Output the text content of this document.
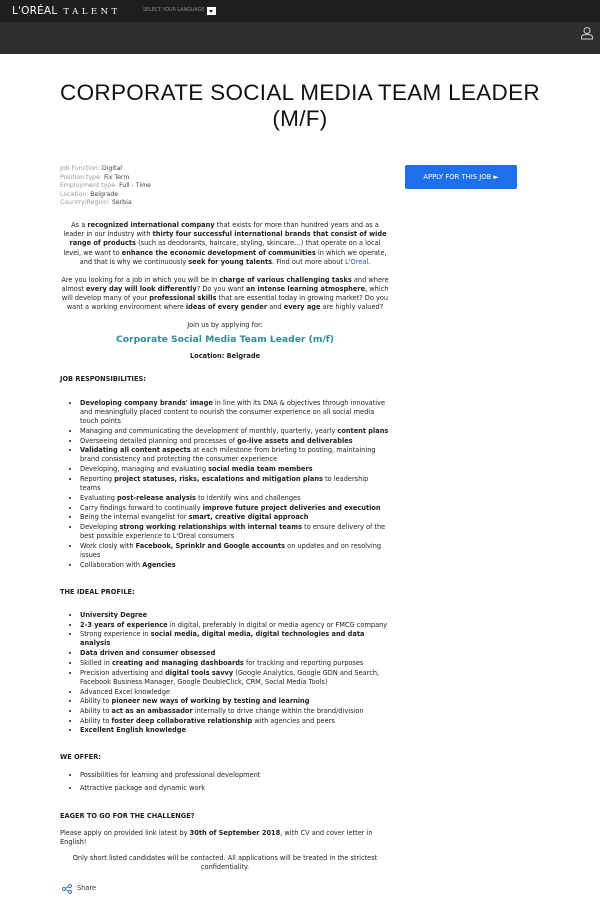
L'ORÉAL TALENT	SELECT YOUR LANGUAGE
CORPORATE SOCIAL MEDIA TEAM LEADER (M/F)
Job Function: Digital
Position type: Fix Term
Employment type: Full - Time
Location: Belgrade
Country/Region: Serbia
APPLY FOR THIS JOB ►

As a recognized international company that exists for more than hundred years and as a leader in our industry with thirty four successful international brands that consist of wide range of products (such as deodorants, haircare, styling, skincare…) that operate on a local level, we want to enhance the economic development of communities in which we operate, and that is why we continuously seek for young talents. Find out more about L'Oreal.

Are you looking for a job in which you will be in charge of various challenging tasks and where almost every day will look differently? Do you want an intense learning atmosphere, which will develop many of your professional skills that are essential today in growing market? Do you want a working environment where ideas of every gender and every age are highly valued?

Join us by applying for:

Corporate Social Media Team Leader (m/f)

Location: Belgrade

JOB RESPONSIBILITIES:

• Developing company brands' image in line with its DNA & objectives through innovative and meaningfully placed content to nourish the consumer experience on all social media touch points
• Managing and communicating the development of monthly, quarterly, yearly content plans
• Overseeing detailed planning and processes of go-live assets and deliverables
• Validating all content aspects at each milestone from briefing to posting, maintaining brand consistency and protecting the consumer experience
• Developing, managing and evaluating social media team members
• Reporting project statuses, risks, escalations and mitigation plans to leadership teams
• Evaluating post-release analysis to identify wins and challenges
• Carry findings forward to continually improve future project deliveries and execution
• Being the internal evangelist for smart, creative digital approach
• Developing strong working relationships with internal teams to ensure delivery of the best possible experience to L'Oreal consumers
• Work closly with Facebook, Sprinklr and Google accounts on updates and on resolving issues
• Collaboration with Agencies

THE IDEAL PROFILE:

• University Degree
• 2-3 years of experience in digital, preferably in digital or media agency or FMCG company
• Strong experience in social media, digital media, digital technologies and data analysis
• Data driven and consumer obsessed
• Skilled in creating and managing dashboards for tracking and reporting purposes
• Precision advertising and digital tools savvy (Google Analytics, Google GDN and Search, Facebook Business Manager, Google DoubleClick, CRM, Social Media Tools)
• Advanced Excel knowledge
• Ability to pioneer new ways of working by testing and learning
• Ability to act as an ambassador internally to drive change within the brand/division
• Ability to foster deep collaborative relationship with agencies and peers
• Excellent English knowledge

WE OFFER:

• Possibilities for learning and professional development
• Attractive package and dynamic work

EAGER TO GO FOR THE CHALLENGE?

Please apply on provided link latest by 30th of September 2018, with CV and cover letter in English!

Only short listed candidates will be contacted. All applications will be treated in the strictest confidentiality.

Share
